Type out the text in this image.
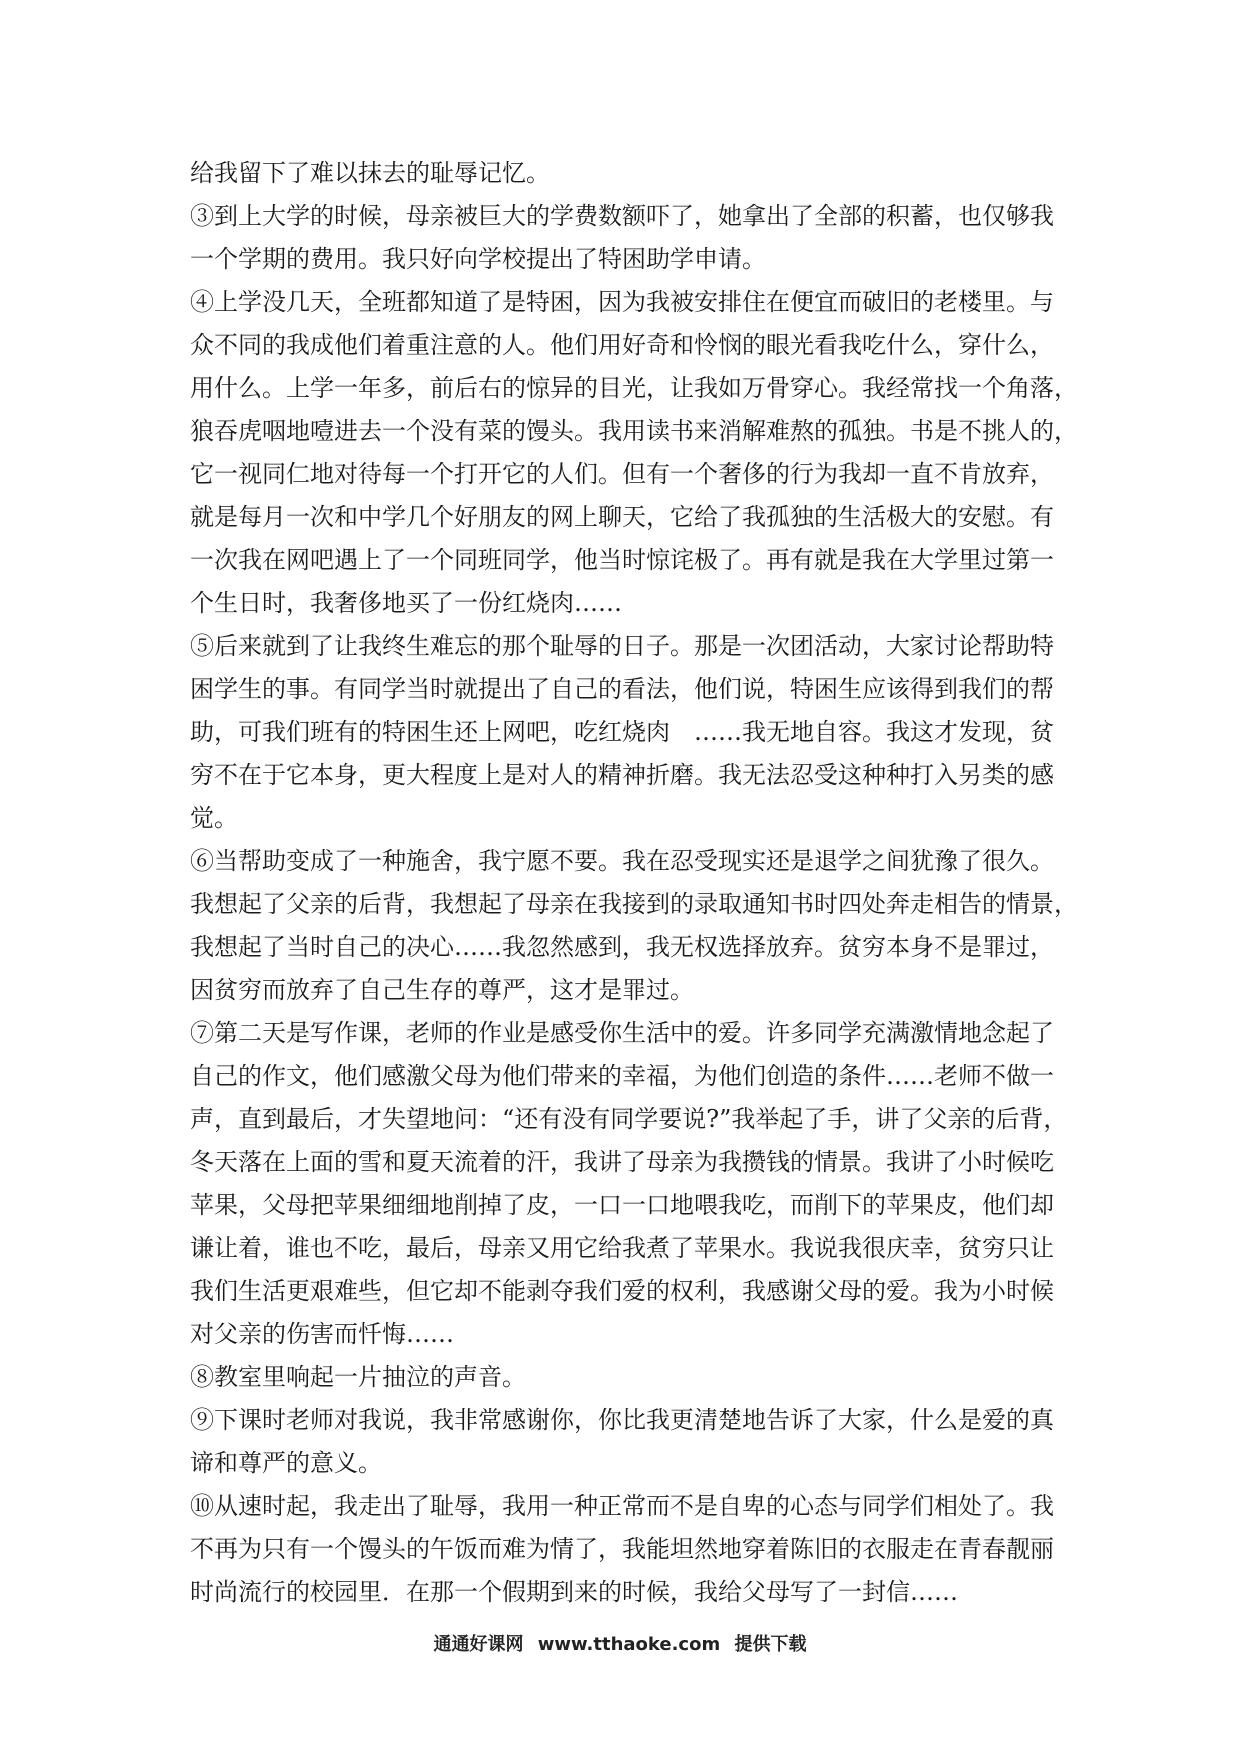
给我留下了难以抹去的耻辱记忆。
③到上大学的时候，母亲被巨大的学费数额吓了，她拿出了全部的积蓄，也仅够我
一个学期的费用。我只好向学校提出了特困助学申请。
④上学没几天，全班都知道了是特困，因为我被安排住在便宜而破旧的老楼里。与
众不同的我成他们着重注意的人。他们用好奇和怜悯的眼光看我吃什么，穿什么，
用什么。上学一年多，前后右的惊异的目光，让我如万骨穿心。我经常找一个角落，
狼吞虎咽地噎进去一个没有菜的馒头。我用读书来消解难熬的孤独。书是不挑人的，
它一视同仁地对待每一个打开它的人们。但有一个奢侈的行为我却一直不肯放弃，
就是每月一次和中学几个好朋友的网上聊天，它给了我孤独的生活极大的安慰。有
一次我在网吧遇上了一个同班同学，他当时惊诧极了。再有就是我在大学里过第一
个生日时，我奢侈地买了一份红烧肉……
⑤后来就到了让我终生难忘的那个耻辱的日子。那是一次团活动，大家讨论帮助特
困学生的事。有同学当时就提出了自己的看法，他们说，特困生应该得到我们的帮
助，可我们班有的特困生还上网吧，吃红烧肉　……我无地自容。我这才发现，贫
穷不在于它本身，更大程度上是对人的精神折磨。我无法忍受这种种打入另类的感
觉。
⑥当帮助变成了一种施舍，我宁愿不要。我在忍受现实还是退学之间犹豫了很久。
我想起了父亲的后背，我想起了母亲在我接到的录取通知书时四处奔走相告的情景，
我想起了当时自己的决心……我忽然感到，我无权选择放弃。贫穷本身不是罪过，
因贫穷而放弃了自己生存的尊严，这才是罪过。
⑦第二天是写作课，老师的作业是感受你生活中的爱。许多同学充满激情地念起了
自己的作文，他们感激父母为他们带来的幸福，为他们创造的条件……老师不做一
声，直到最后，才失望地问：“还有没有同学要说?”我举起了手，讲了父亲的后背，
冬天落在上面的雪和夏天流着的汗，我讲了母亲为我攒钱的情景。我讲了小时候吃
苹果，父母把苹果细细地削掉了皮，一口一口地喂我吃，而削下的苹果皮，他们却
谦让着，谁也不吃，最后，母亲又用它给我煮了苹果水。我说我很庆幸，贫穷只让
我们生活更艰难些，但它却不能剥夺我们爱的权利，我感谢父母的爱。我为小时候
对父亲的伤害而忏悔……
⑧教室里响起一片抽泣的声音。
⑨下课时老师对我说，我非常感谢你，你比我更清楚地告诉了大家，什么是爱的真
谛和尊严的意义。
⑩从速时起，我走出了耻辱，我用一种正常而不是自卑的心态与同学们相处了。我
不再为只有一个馒头的午饭而难为情了，我能坦然地穿着陈旧的衣服走在青春靓丽
时尚流行的校园里．在那一个假期到来的时候，我给父母写了一封信……
通通好课网 www.tthaoke.com 提供下载
